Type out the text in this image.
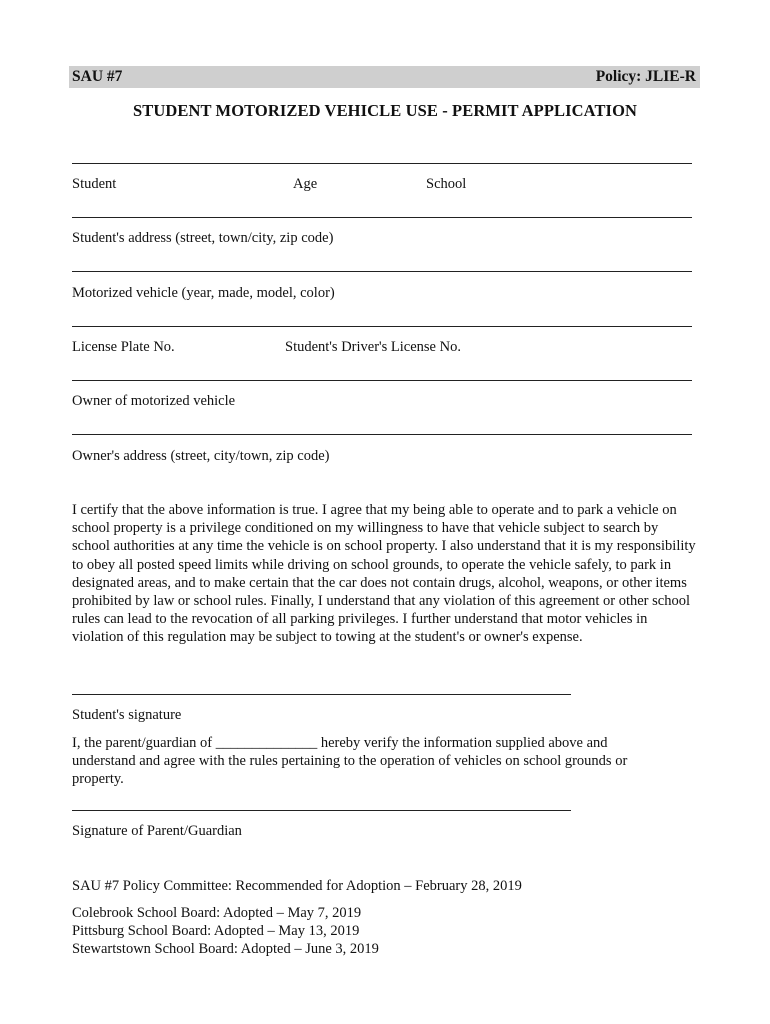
SAU #7	Policy: JLIE-R
STUDENT MOTORIZED VEHICLE USE - PERMIT APPLICATION
Student	Age	School
Student's address (street, town/city, zip code)
Motorized vehicle (year, made, model, color)
License Plate No.	Student's Driver's License No.
Owner of motorized vehicle
Owner's address (street, city/town, zip code)
I certify that the above information is true. I agree that my being able to operate and to park a vehicle on school property is a privilege conditioned on my willingness to have that vehicle subject to search by school authorities at any time the vehicle is on school property. I also understand that it is my responsibility to obey all posted speed limits while driving on school grounds, to operate the vehicle safely, to park in designated areas, and to make certain that the car does not contain drugs, alcohol, weapons, or other items prohibited by law or school rules. Finally, I understand that any violation of this agreement or other school rules can lead to the revocation of all parking privileges. I further understand that motor vehicles in violation of this regulation may be subject to towing at the student's or owner's expense.
Student's signature
I, the parent/guardian of ______________ hereby verify the information supplied above and understand and agree with the rules pertaining to the operation of vehicles on school grounds or property.
Signature of Parent/Guardian
SAU #7 Policy Committee: Recommended for Adoption – February 28, 2019
Colebrook School Board: Adopted – May 7, 2019
Pittsburg School Board: Adopted – May 13, 2019
Stewartstown School Board: Adopted – June 3, 2019
